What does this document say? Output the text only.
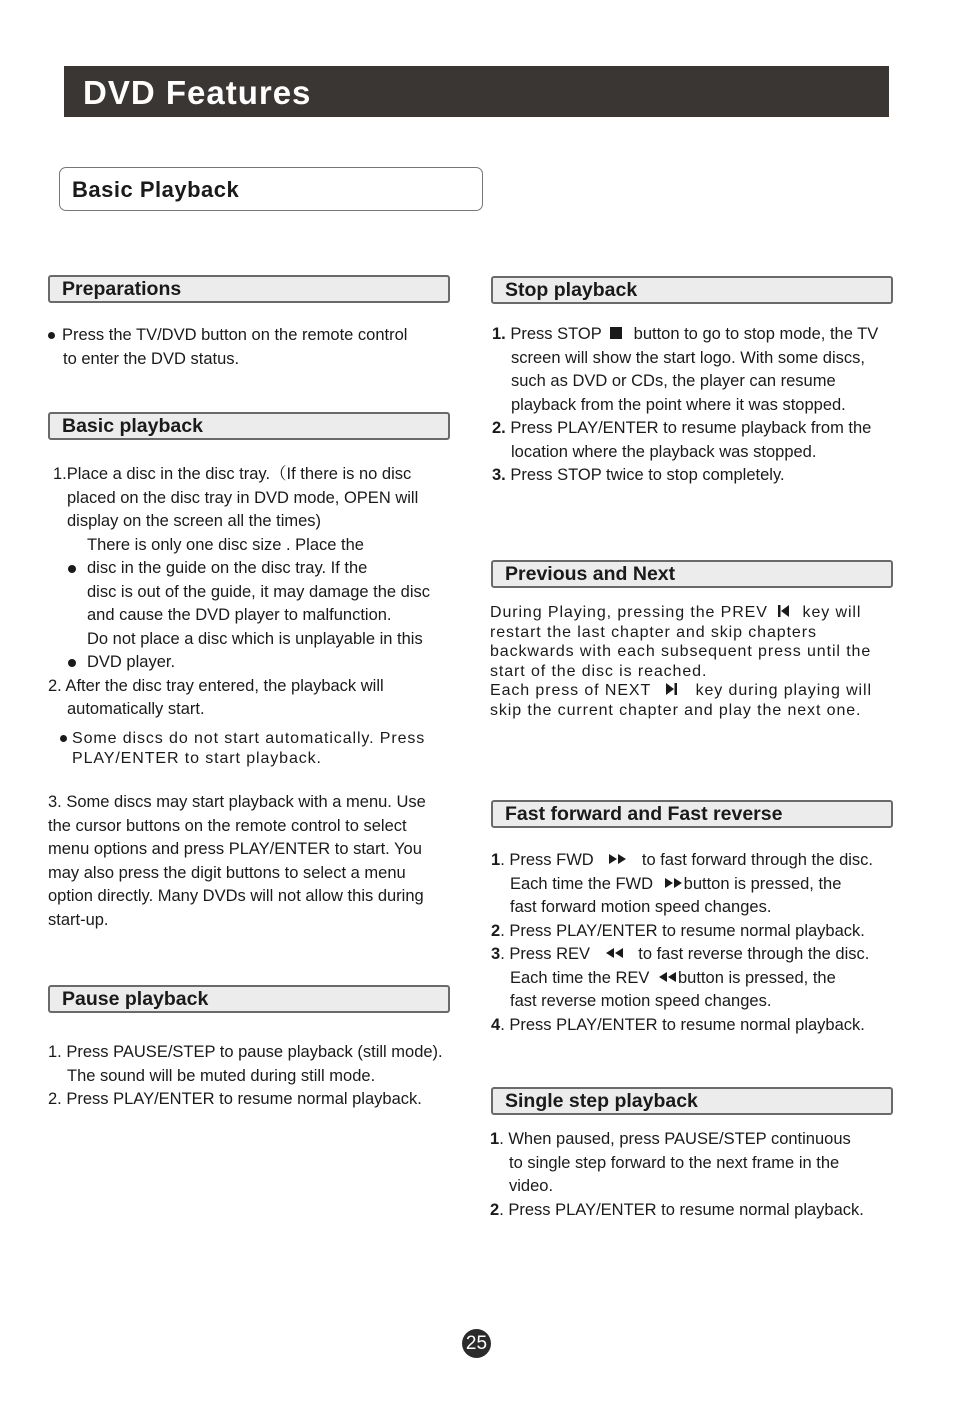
DVD Features
Basic Playback
Preparations
Press the TV/DVD button on the remote control
to enter the DVD status.
Basic playback
1.Place a disc in the disc tray.（If there is no disc
placed on the disc tray in DVD mode, OPEN will
display on the screen all the times)
There is only one disc size . Place the
disc in the guide on the disc tray. If the
disc is out of the guide, it may damage the disc
and cause the DVD player to malfunction.
Do not place a disc which is unplayable in this
DVD player.
2. After the disc tray entered, the playback will
automatically start.
Some discs do not start automatically. Press
PLAY/ENTER to start playback.
3. Some discs may start playback with a menu. Use
the cursor buttons on the remote control to select
menu options and press PLAY/ENTER to start. You
may also press the digit buttons to select a menu
option directly. Many DVDs will not allow this during
start-up.
Pause playback
1. Press PAUSE/STEP to pause playback (still mode).
The sound will be muted during still mode.
2. Press PLAY/ENTER to resume normal playback.
Stop playback
1. Press STOP button to go to stop mode, the TV
screen will show the start logo. With some discs,
such as DVD or CDs, the player can resume
playback from the point where it was stopped.
2. Press PLAY/ENTER to resume playback from the
location where the playback was stopped.
3. Press STOP twice to stop completely.
Previous and Next
During Playing, pressing the PREV key will
restart the last chapter and skip chapters
backwards with each subsequent press until the
start of the disc is reached.
Each press of NEXT	key during playing will
skip the current chapter and play the next one.
Fast forward and Fast reverse
1. Press FWD	to fast forward through the disc.
Each time the FWD button is pressed, the
fast forward motion speed changes.
2. Press PLAY/ENTER to resume normal playback.
3. Press REV	to fast reverse through the disc.
Each time the REV button is pressed, the
fast reverse motion speed changes.
4. Press PLAY/ENTER to resume normal playback.
Single step playback
1. When paused, press PAUSE/STEP continuous
to single step forward to the next frame in the
video.
2. Press PLAY/ENTER to resume normal playback.
25
